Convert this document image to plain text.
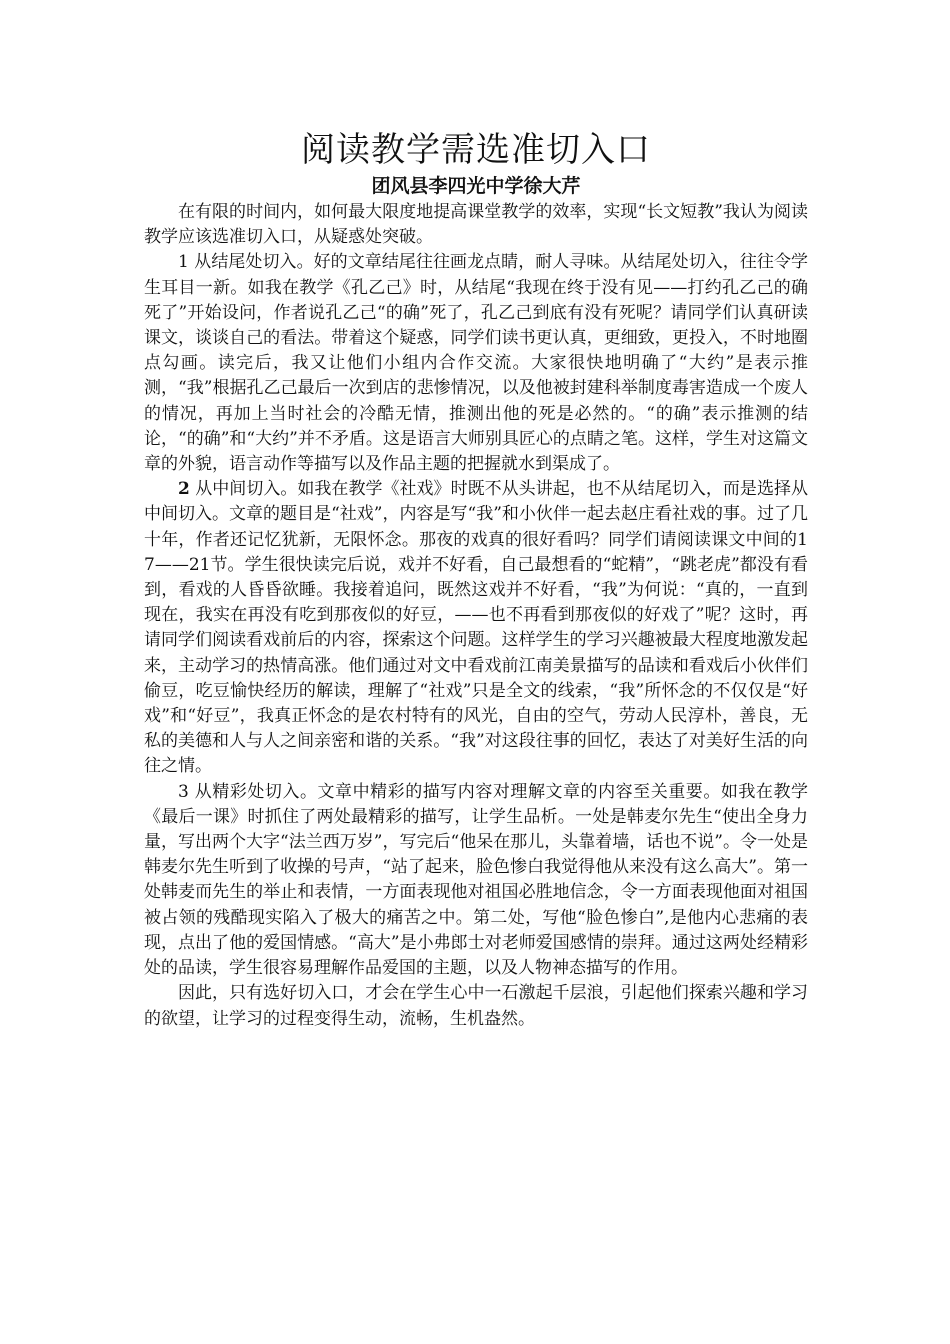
阅读教学需选准切入口

团风县李四光中学徐大芹

在有限的时间内，如何最大限度地提高课堂教学的效率，实现“长文短教”我认为阅读教学应该选准切入口，从疑惑处突破。

1 从结尾处切入。好的文章结尾往往画龙点睛，耐人寻味。从结尾处切入，往往令学生耳目一新。如我在教学《孔乙己》时，从结尾“我现在终于没有见——打约孔乙己的确死了”开始设问，作者说孔乙己“的确”死了，孔乙己到底有没有死呢？请同学们认真研读课文，谈谈自己的看法。带着这个疑惑，同学们读书更认真，更细致，更投入，不时地圈点勾画。读完后，我又让他们小组内合作交流。大家很快地明确了“大约”是表示推测，“我”根据孔乙己最后一次到店的悲惨情况，以及他被封建科举制度毒害造成一个废人的情况，再加上当时社会的冷酷无情，推测出他的死是必然的。“的确”表示推测的结论，“的确”和“大约”并不矛盾。这是语言大师别具匠心的点睛之笔。这样，学生对这篇文章的外貌，语言动作等描写以及作品主题的把握就水到渠成了。

2 从中间切入。如我在教学《社戏》时既不从头讲起，也不从结尾切入，而是选择从中间切入。文章的题目是“社戏”，内容是写“我”和小伙伴一起去赵庄看社戏的事。过了几十年，作者还记忆犹新，无限怀念。那夜的戏真的很好看吗？同学们请阅读课文中间的17——21节。学生很快读完后说，戏并不好看，自己最想看的“蛇精”，“跳老虎”都没有看到，看戏的人昏昏欲睡。我接着追问，既然这戏并不好看，“我”为何说：“真的，一直到现在，我实在再没有吃到那夜似的好豆，——也不再看到那夜似的好戏了”呢？这时，再请同学们阅读看戏前后的内容，探索这个问题。这样学生的学习兴趣被最大程度地激发起来，主动学习的热情高涨。他们通过对文中看戏前江南美景描写的品读和看戏后小伙伴们偷豆，吃豆愉快经历的解读，理解了“社戏”只是全文的线索，“我”所怀念的不仅仅是“好戏”和“好豆”，我真正怀念的是农村特有的风光，自由的空气，劳动人民淳朴，善良，无私的美德和人与人之间亲密和谐的关系。“我”对这段往事的回忆，表达了对美好生活的向往之情。

3 从精彩处切入。文章中精彩的描写内容对理解文章的内容至关重要。如我在教学《最后一课》时抓住了两处最精彩的描写，让学生品析。一处是韩麦尔先生“使出全身力量，写出两个大字“法兰西万岁”，写完后“他呆在那儿，头靠着墙，话也不说”。令一处是韩麦尔先生听到了收操的号声，“站了起来，脸色惨白我觉得他从来没有这么高大”。第一处韩麦而先生的举止和表情，一方面表现他对祖国必胜地信念，令一方面表现他面对祖国被占领的残酷现实陷入了极大的痛苦之中。第二处，写他“脸色惨白”,是他内心悲痛的表现，点出了他的爱国情感。“高大”是小弗郎士对老师爱国感情的崇拜。通过这两处经精彩处的品读，学生很容易理解作品爱国的主题，以及人物神态描写的作用。

因此，只有选好切入口，才会在学生心中一石激起千层浪，引起他们探索兴趣和学习的欲望，让学习的过程变得生动，流畅，生机盎然。
